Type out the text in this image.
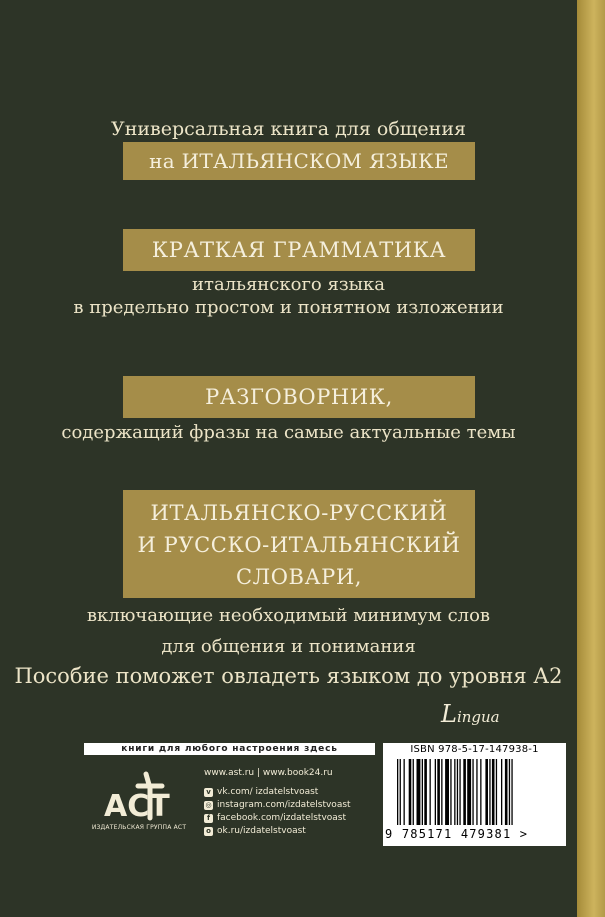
Универсальная книга для общения
на ИТАЛЬЯНСКОМ ЯЗЫКЕ
КРАТКАЯ ГРАММАТИКА
итальянского языка
в предельно простом и понятном изложении
РАЗГОВОРНИК,
содержащий фразы на самые актуальные темы
ИТАЛЬЯНСКО-РУССКИЙ
И РУССКО-ИТАЛЬЯНСКИЙ
СЛОВАРИ,
включающие необходимый минимум слов
для общения и понимания
Пособие поможет овладеть языком до уровня А2
Lingua
книги для любого настроения здесь
ACT
ИЗДАТЕЛЬСКАЯ ГРУППА АСТ
www.ast.ru | www.book24.ru
v vk.com/ izdatelstvoast
◎ instagram.com/izdatelstvoast
f facebook.com/izdatelstvoast
o ok.ru/izdatelstvoast
ISBN 978-5-17-147938-1
9 785171 479381 >
